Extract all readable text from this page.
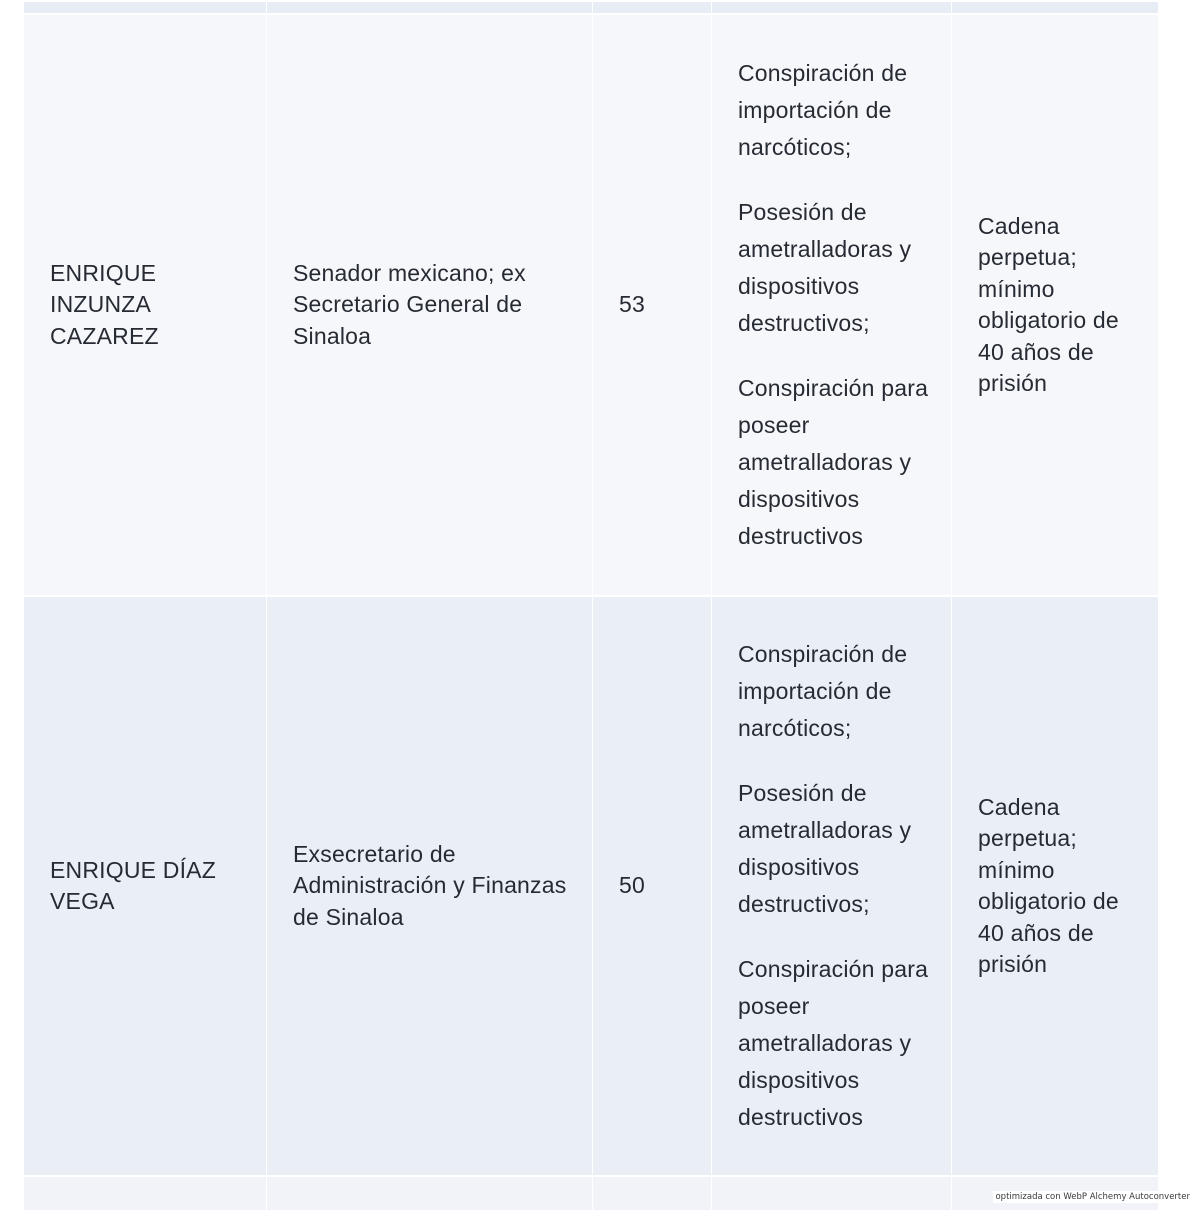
ENRIQUE INZUNZA CAZAREZ	Senador mexicano; ex Secretario General de Sinaloa	53	Conspiración de importación de narcóticos;

Posesión de ametralladoras y dispositivos destructivos;

Conspiración para poseer ametralladoras y dispositivos destructivos	Cadena perpetua; mínimo obligatorio de 40 años de prisión
ENRIQUE DÍAZ VEGA	Exsecretario de Administración y Finanzas de Sinaloa	50	Conspiración de importación de narcóticos;

Posesión de ametralladoras y dispositivos destructivos;

Conspiración para poseer ametralladoras y dispositivos destructivos	Cadena perpetua; mínimo obligatorio de 40 años de prisión

optimizada con WebP Alchemy Autoconverter
